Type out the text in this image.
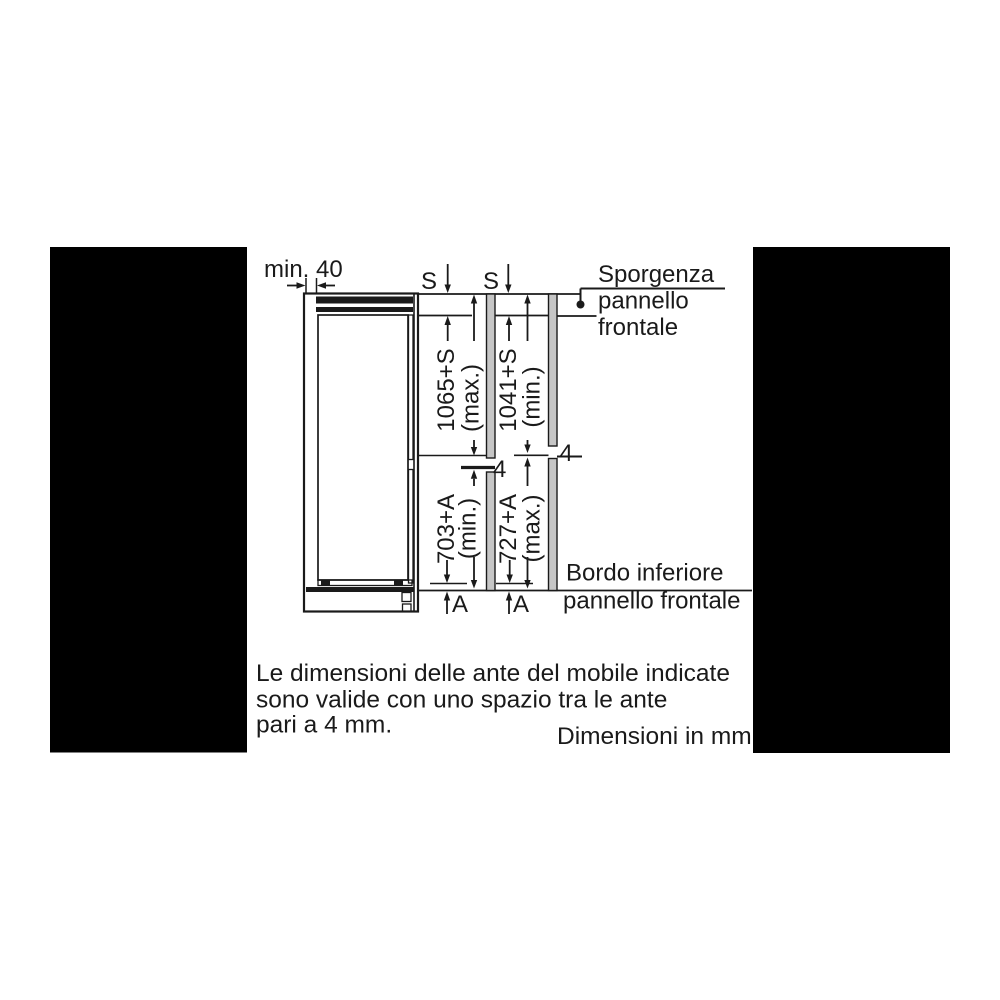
min. 40	S S
1065+S
(max.) 1041+S
(min.)
703+A
(min.) 727+A
(max.)
4
4
A A
Sporgenza
pannello
frontale
Bordo inferiore
pannello frontale
Le dimensioni delle ante del mobile indicate
sono valide con uno spazio tra le ante
pari a 4 mm.	Dimensioni in mm
